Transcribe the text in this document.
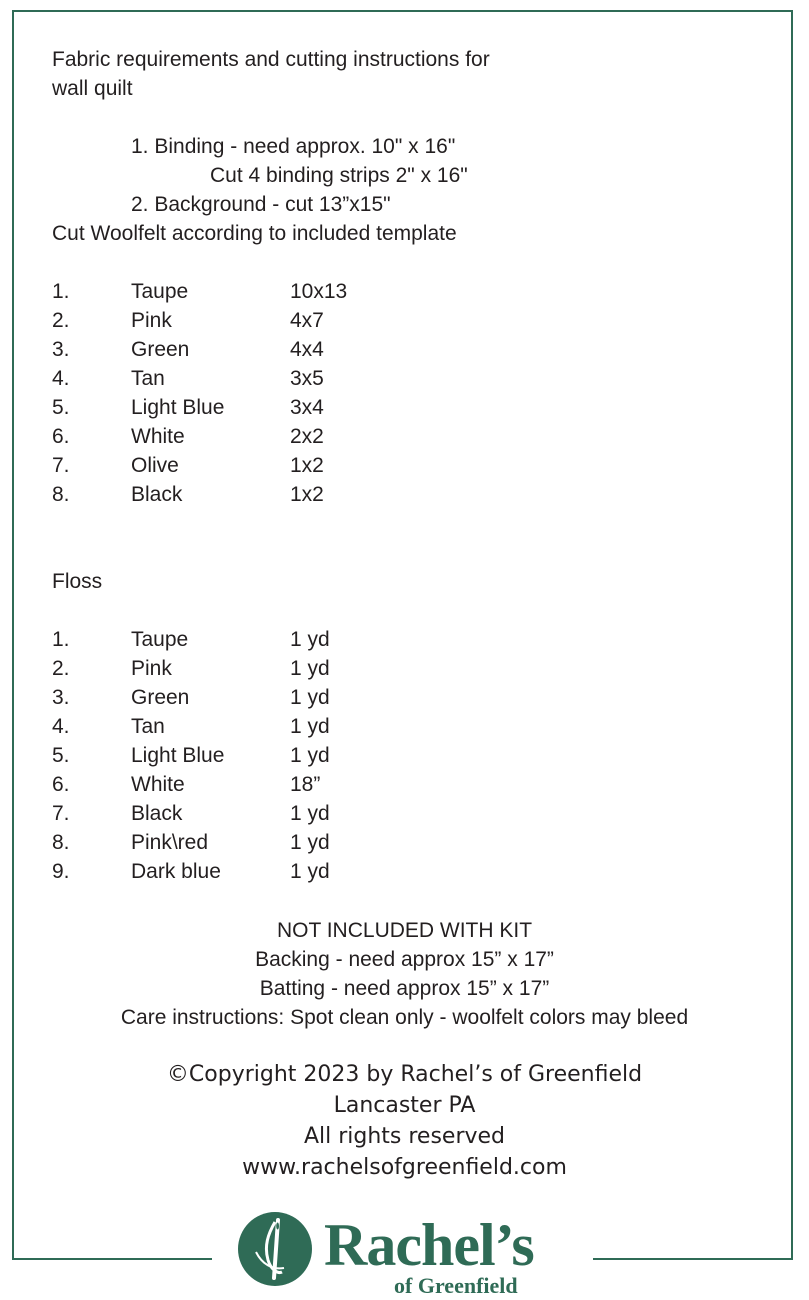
Fabric requirements and cutting instructions for
wall quilt
1. Binding - need approx. 10" x 16"
Cut 4 binding strips 2" x 16"
2. Background - cut 13”x15"
Cut Woolfelt according to included template
1.	Taupe	10x13
2.	Pink	4x7
3.	Green	4x4
4.	Tan	3x5
5.	Light Blue	3x4
6.	White	2x2
7.	Olive	1x2
8.	Black	1x2
Floss
1.	Taupe	1 yd
2.	Pink	1 yd
3.	Green	1 yd
4.	Tan	1 yd
5.	Light Blue	1 yd
6.	White	18”
7.	Black	1 yd
8.	Pink\red	1 yd
9.	Dark blue	1 yd
NOT INCLUDED WITH KIT
Backing - need approx 15” x 17”
Batting - need approx 15” x 17”
Care instructions: Spot clean only - woolfelt colors may bleed
©Copyright 2023 by Rachel’s of Greenfield
Lancaster PA
All rights reserved
www.rachelsofgreenfield.com
Rachel’s
of Greenfield
